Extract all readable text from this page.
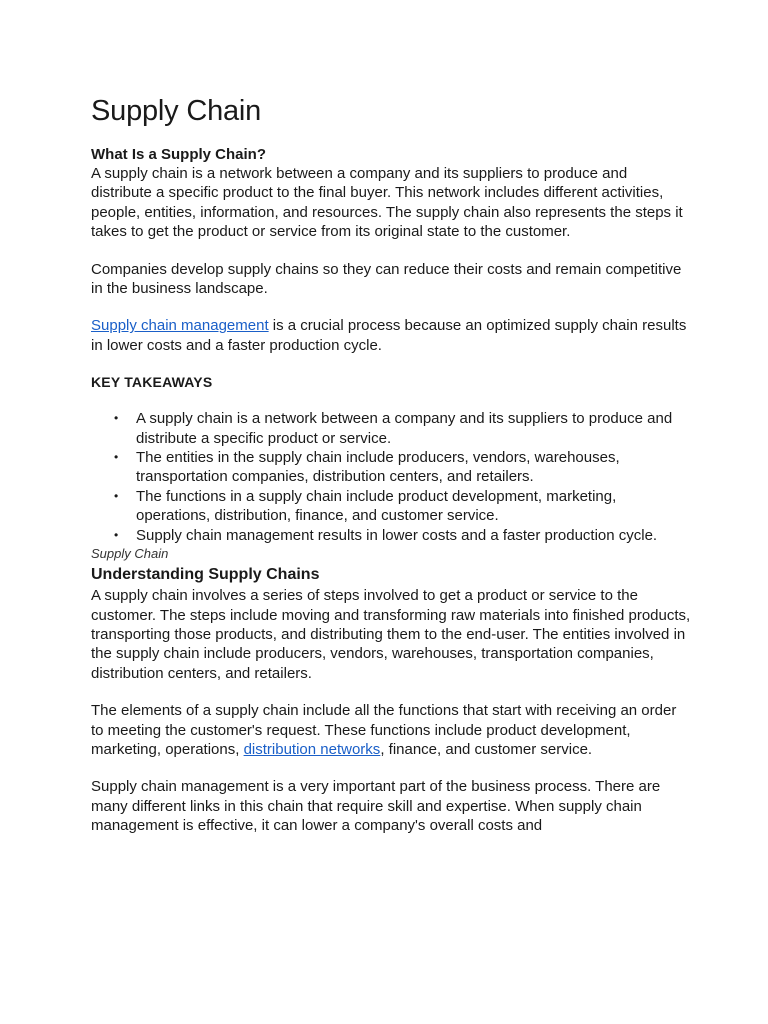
Supply Chain
What Is a Supply Chain?

A supply chain is a network between a company and its suppliers to produce and distribute a specific product to the final buyer. This network includes different activities, people, entities, information, and resources. The supply chain also represents the steps it takes to get the product or service from its original state to the customer.

Companies develop supply chains so they can reduce their costs and remain competitive in the business landscape.

Supply chain management is a crucial process because an optimized supply chain results in lower costs and a faster production cycle.

KEY TAKEAWAYS
• A supply chain is a network between a company and its suppliers to produce and distribute a specific product or service.
• The entities in the supply chain include producers, vendors, warehouses, transportation companies, distribution centers, and retailers.
• The functions in a supply chain include product development, marketing, operations, distribution, finance, and customer service.
• Supply chain management results in lower costs and a faster production cycle.
Supply Chain
Understanding Supply Chains

A supply chain involves a series of steps involved to get a product or service to the customer. The steps include moving and transforming raw materials into finished products, transporting those products, and distributing them to the end-user. The entities involved in the supply chain include producers, vendors, warehouses, transportation companies, distribution centers, and retailers.

The elements of a supply chain include all the functions that start with receiving an order to meeting the customer's request. These functions include product development, marketing, operations, distribution networks, finance, and customer service.

Supply chain management is a very important part of the business process. There are many different links in this chain that require skill and expertise. When supply chain management is effective, it can lower a company's overall costs and
